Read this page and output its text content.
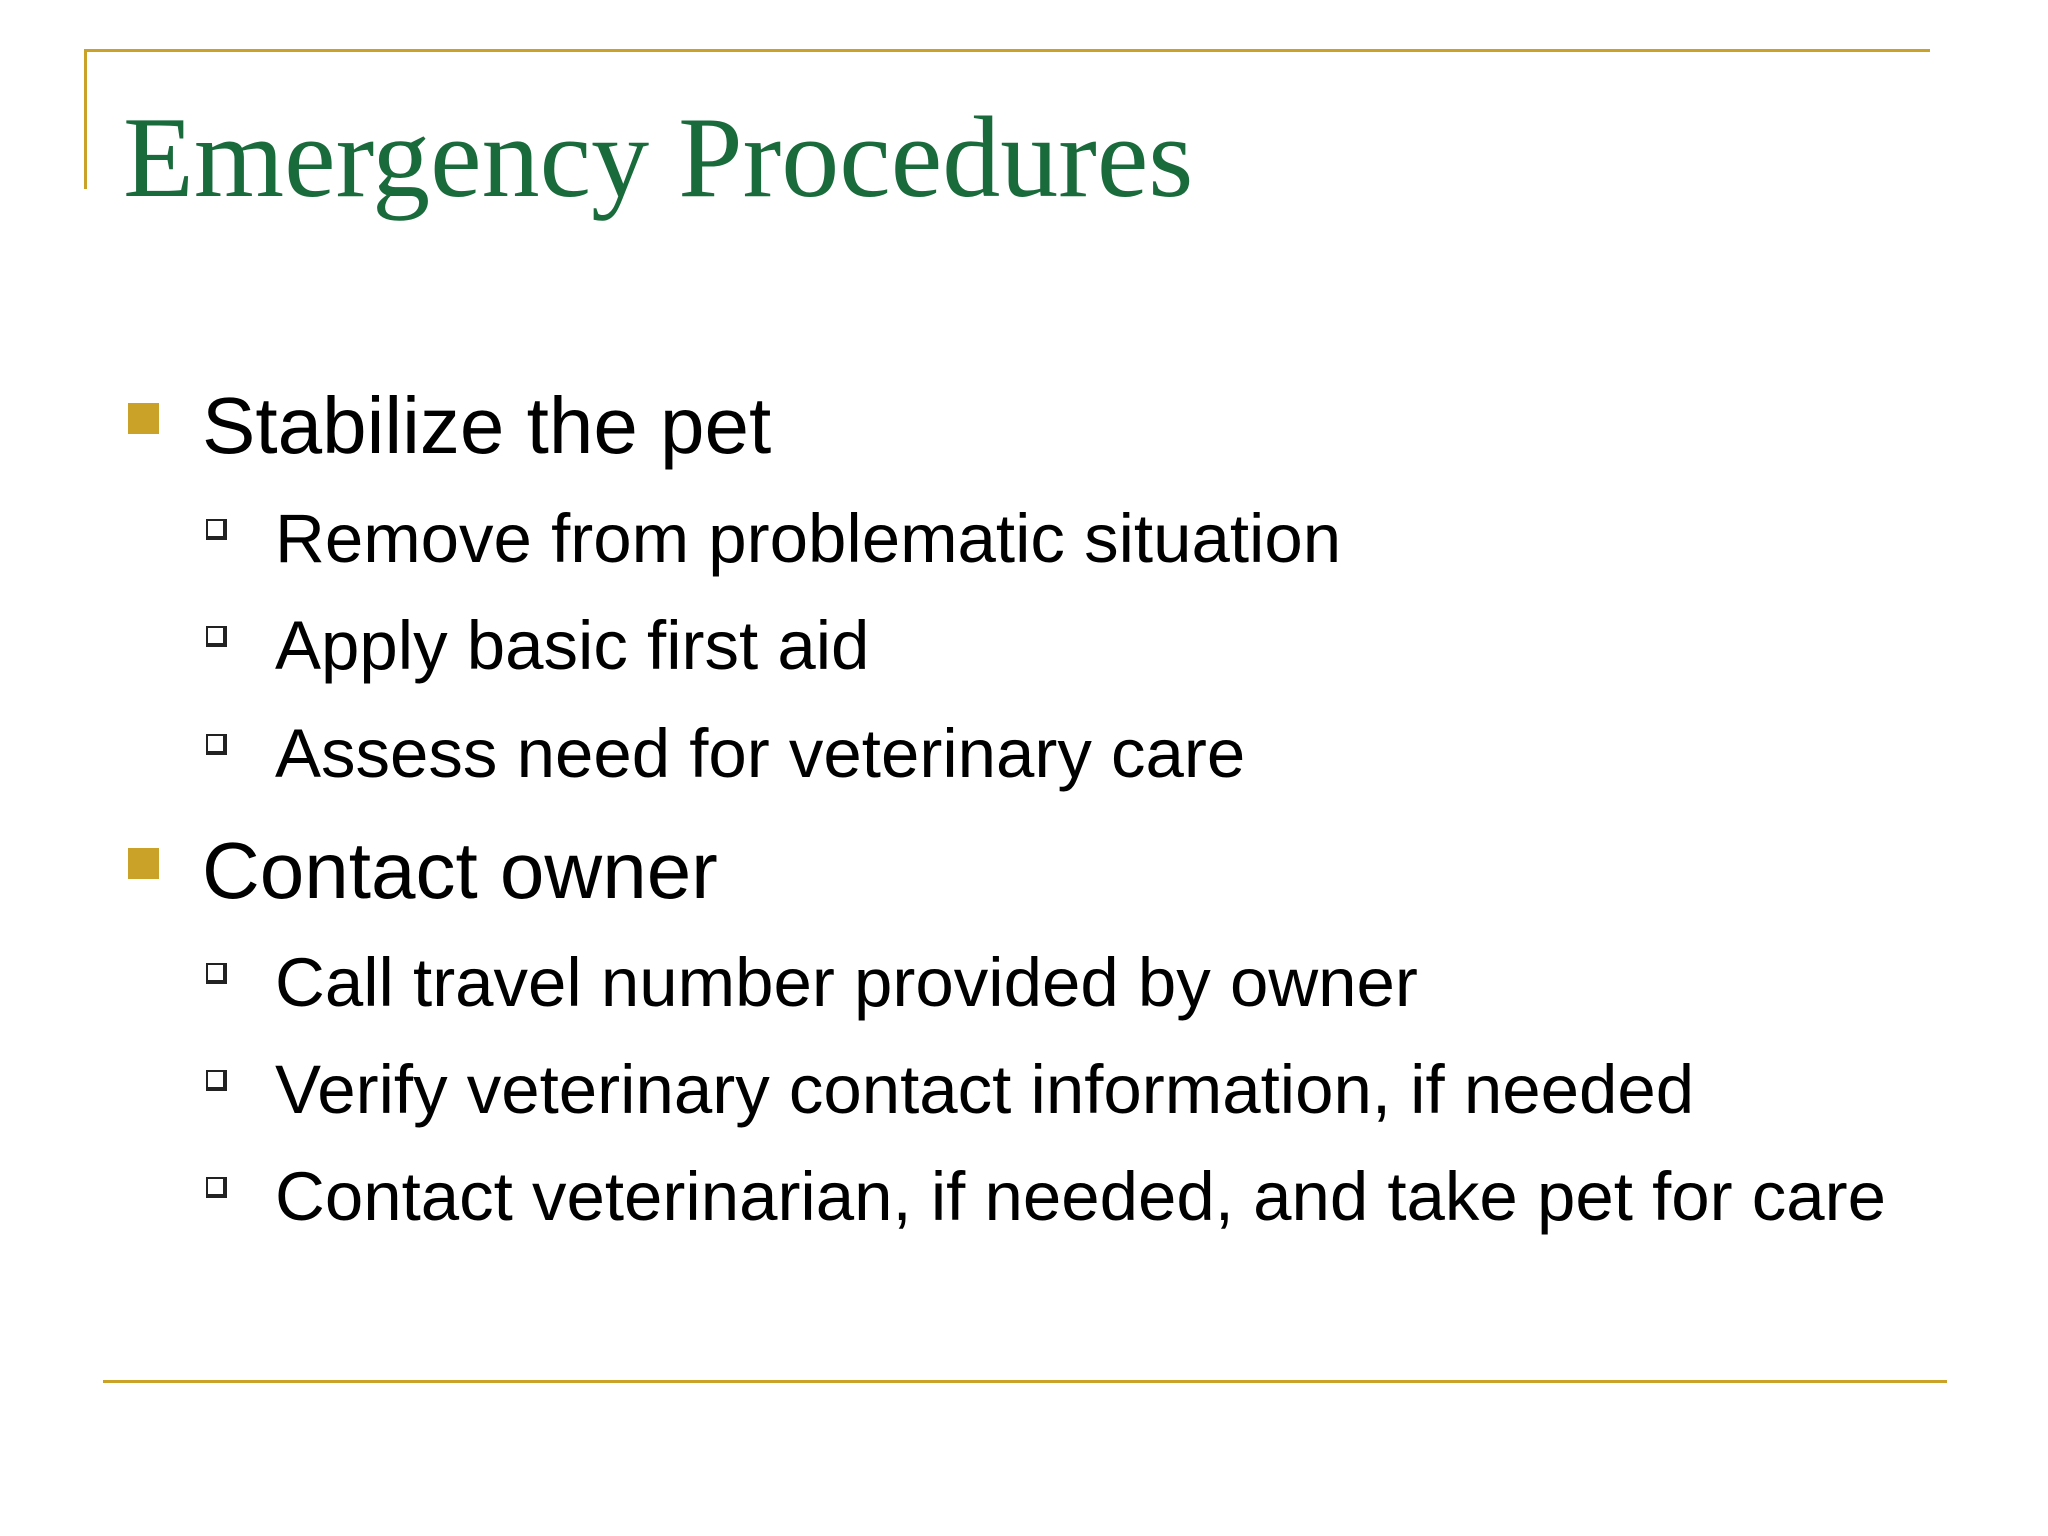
Emergency Procedures
Stabilize the pet
Remove from problematic situation
Apply basic first aid
Assess need for veterinary care
Contact owner
Call travel number provided by owner
Verify veterinary contact information, if needed
Contact veterinarian, if needed, and take pet for care
